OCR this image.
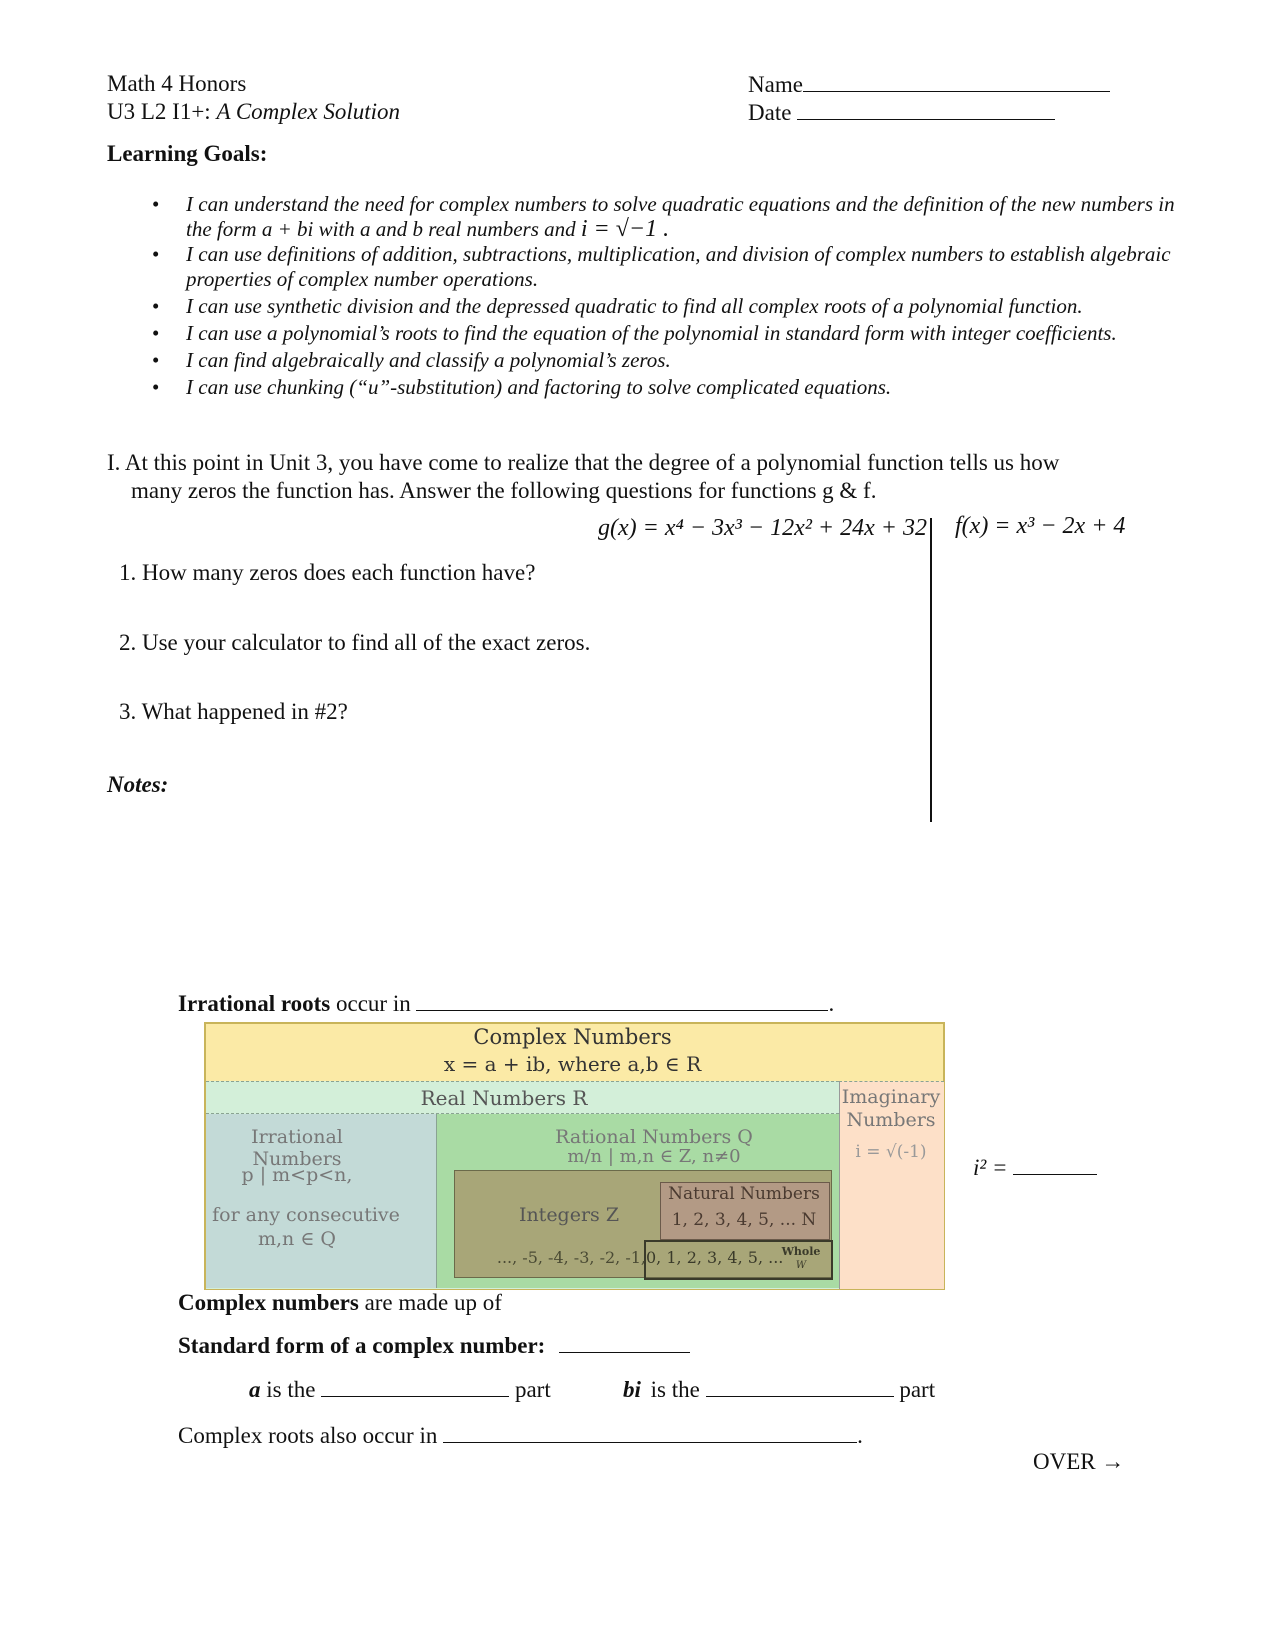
Math 4 Honors
U3 L2 I1+: A Complex Solution
Name
Date
Learning Goals:
• I can understand the need for complex numbers to solve quadratic equations and the definition of the new numbers in the form a + bi with a and b real numbers and i = √−1 .
• I can use definitions of addition, subtractions, multiplication, and division of complex numbers to establish algebraic properties of complex number operations.
• I can use synthetic division and the depressed quadratic to find all complex roots of a polynomial function.
• I can use a polynomial’s roots to find the equation of the polynomial in standard form with integer coefficients.
• I can find algebraically and classify a polynomial’s zeros.
• I can use chunking (“u”-substitution) and factoring to solve complicated equations.
I. At this point in Unit 3, you have come to realize that the degree of a polynomial function tells us how
many zeros the function has. Answer the following questions for functions g & f.
g(x) = x⁴ − 3x³ − 12x² + 24x + 32 f(x) = x³ − 2x + 4
1. How many zeros does each function have?
2. Use your calculator to find all of the exact zeros.
3. What happened in #2?
Notes:
Irrational roots occur in	.
Complex Numbers
x = a + ib, where a,b ∈ R
Real Numbers R	Imaginary
Numbers
i = √(-1)
Irrational Numbers
p | m<p<n,
for any consecutive
m,n ∈ Q
Rational Numbers Q
m/n | m,n ∈ Z, n≠0
Integers Z
..., -5, -4, -3, -2, -1,
Natural Numbers
1, 2, 3, 4, 5, ... N
0, 1, 2, 3, 4, 5, ...
Whole
W
i² =
Complex numbers are made up of
Standard form of a complex number:
a is the	part	bi is the	part
Complex roots also occur in	.
OVER →
